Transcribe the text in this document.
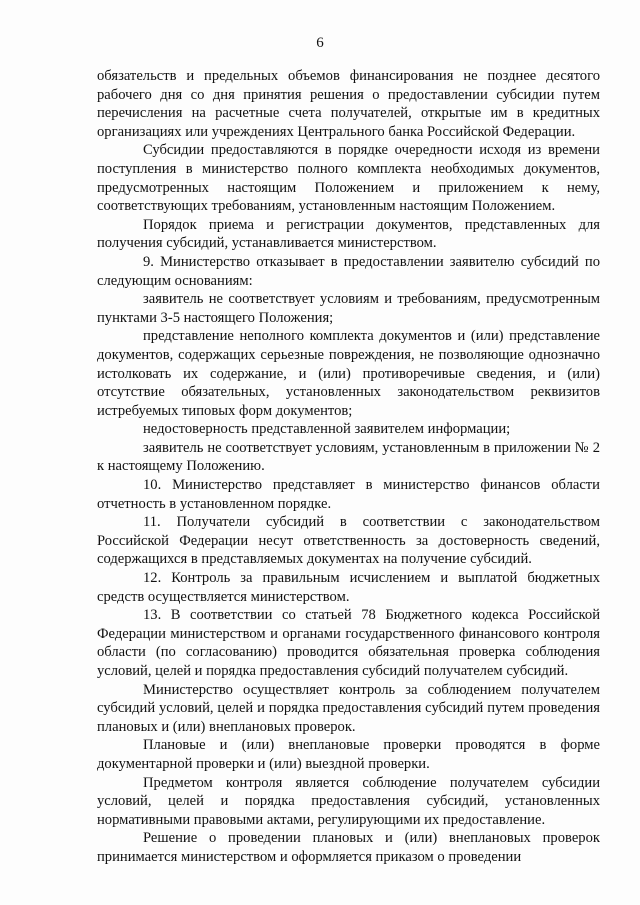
6

обязательств и предельных объемов финансирования не позднее десятого рабочего дня со дня принятия решения о предоставлении субсидии путем перечисления на расчетные счета получателей, открытые им в кредитных организациях или учреждениях Центрального банка Российской Федерации.

Субсидии предоставляются в порядке очередности исходя из времени поступления в министерство полного комплекта необходимых документов, предусмотренных настоящим Положением и приложением к нему, соответствующих требованиям, установленным настоящим Положением.

Порядок приема и регистрации документов, представленных для получения субсидий, устанавливается министерством.

9. Министерство отказывает в предоставлении заявителю субсидий по следующим основаниям:

заявитель не соответствует условиям и требованиям, предусмотренным пунктами 3-5 настоящего Положения;

представление неполного комплекта документов и (или) представление документов, содержащих серьезные повреждения, не позволяющие однозначно истолковать их содержание, и (или) противоречивые сведения, и (или) отсутствие обязательных, установленных законодательством реквизитов истребуемых типовых форм документов;

недостоверность представленной заявителем информации;

заявитель не соответствует условиям, установленным в приложении № 2 к настоящему Положению.

10. Министерство представляет в министерство финансов области отчетность в установленном порядке.

11. Получатели субсидий в соответствии с законодательством Российской Федерации несут ответственность за достоверность сведений, содержащихся в представляемых документах на получение субсидий.

12. Контроль за правильным исчислением и выплатой бюджетных средств осуществляется министерством.

13. В соответствии со статьей 78 Бюджетного кодекса Российской Федерации министерством и органами государственного финансового контроля области (по согласованию) проводится обязательная проверка соблюдения условий, целей и порядка предоставления субсидий получателем субсидий.

Министерство осуществляет контроль за соблюдением получателем субсидий условий, целей и порядка предоставления субсидий путем проведения плановых и (или) внеплановых проверок.

Плановые и (или) внеплановые проверки проводятся в форме документарной проверки и (или) выездной проверки.

Предметом контроля является соблюдение получателем субсидии условий, целей и порядка предоставления субсидий, установленных нормативными правовыми актами, регулирующими их предоставление.

Решение о проведении плановых и (или) внеплановых проверок принимается министерством и оформляется приказом о проведении
